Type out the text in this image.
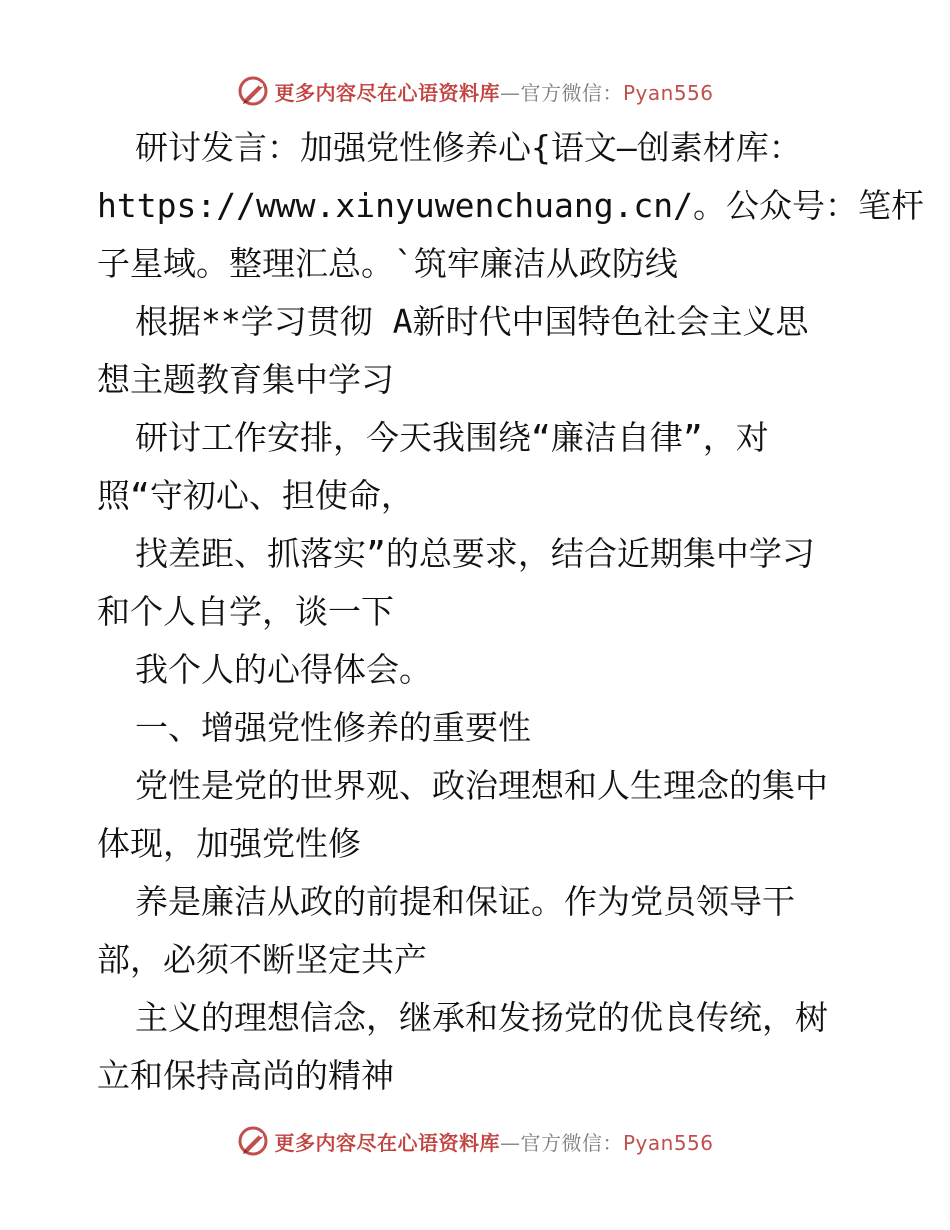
更多内容尽在心语资料库—官方微信：Pyan556
研讨发言：加强党性修养心{语文—创素材库：
https://www.xinyuwenchuang.cn/。公众号：笔杆
子星域。整理汇总。`筑牢廉洁从政防线
根据**学习贯彻 A新时代中国特色社会主义思
想主题教育集中学习
研讨工作安排，今天我围绕“廉洁自律”，对
照“守初心、担使命，
找差距、抓落实”的总要求，结合近期集中学习
和个人自学，谈一下
我个人的心得体会。
一、增强党性修养的重要性
党性是党的世界观、政治理想和人生理念的集中
体现，加强党性修
养是廉洁从政的前提和保证。作为党员领导干
部，必须不断坚定共产
主义的理想信念，继承和发扬党的优良传统，树
立和保持高尚的精神
更多内容尽在心语资料库—官方微信：Pyan556
